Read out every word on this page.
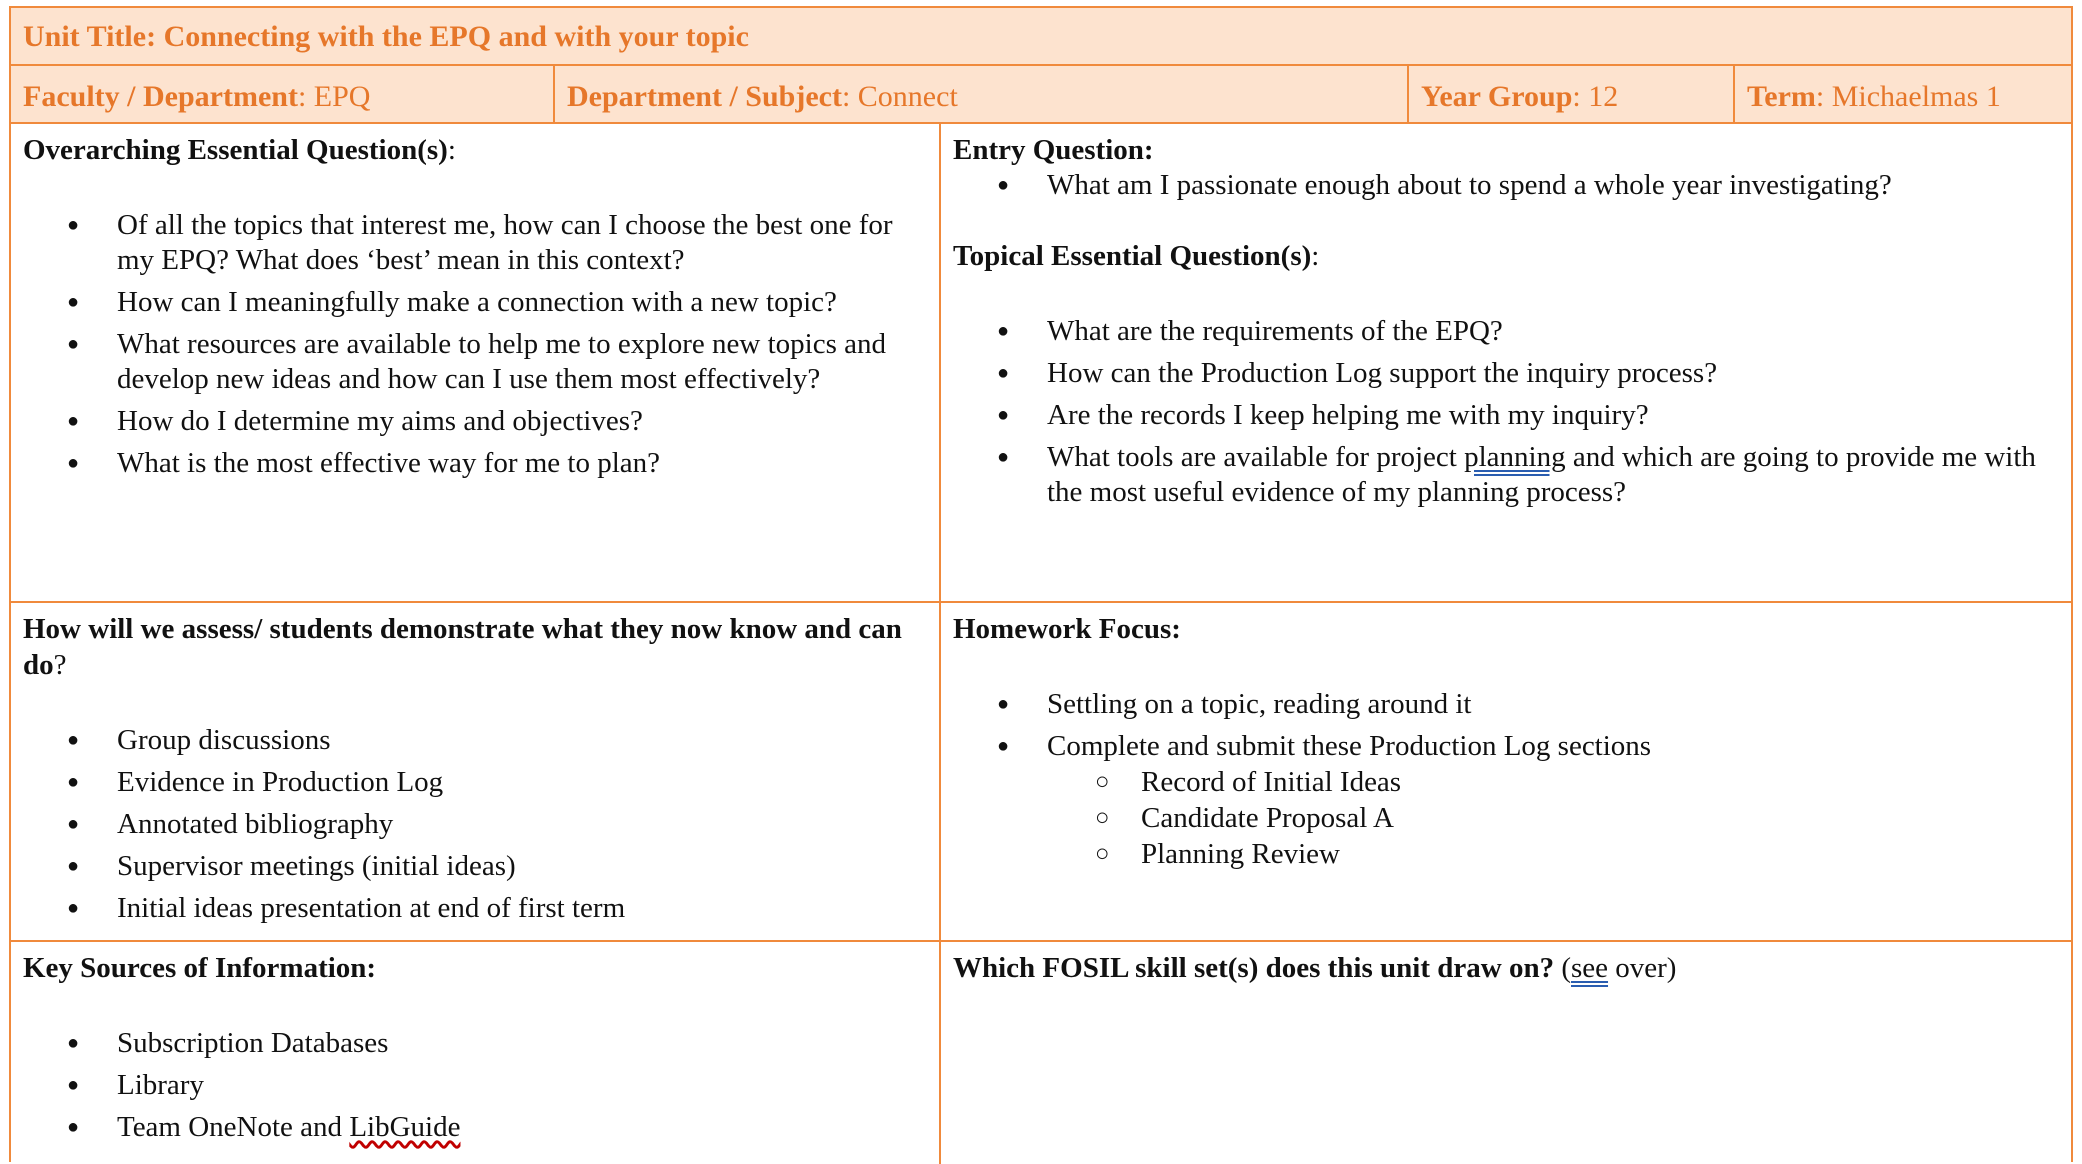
Unit Title: Connecting with the EPQ and with your topic
Faculty / Department: EPQ	Department / Subject: Connect	Year Group: 12	Term: Michaelmas 1
Overarching Essential Question(s):
● Of all the topics that interest me, how can I choose the best one for my EPQ? What does ‘best’ mean in this context?
● How can I meaningfully make a connection with a new topic?
● What resources are available to help me to explore new topics and develop new ideas and how can I use them most effectively?
● How do I determine my aims and objectives?
● What is the most effective way for me to plan?
Entry Question:
● What am I passionate enough about to spend a whole year investigating?
Topical Essential Question(s):
● What are the requirements of the EPQ?
● How can the Production Log support the inquiry process?
● Are the records I keep helping me with my inquiry?
● What tools are available for project planning and which are going to provide me with the most useful evidence of my planning process?
How will we assess/ students demonstrate what they now know and can do?
● Group discussions
● Evidence in Production Log
● Annotated bibliography
● Supervisor meetings (initial ideas)
● Initial ideas presentation at end of first term
Homework Focus:
● Settling on a topic, reading around it
● Complete and submit these Production Log sections
○ Record of Initial Ideas
○ Candidate Proposal A
○ Planning Review
Key Sources of Information:
● Subscription Databases
● Library
● Team OneNote and LibGuide
Which FOSIL skill set(s) does this unit draw on? (see over)
